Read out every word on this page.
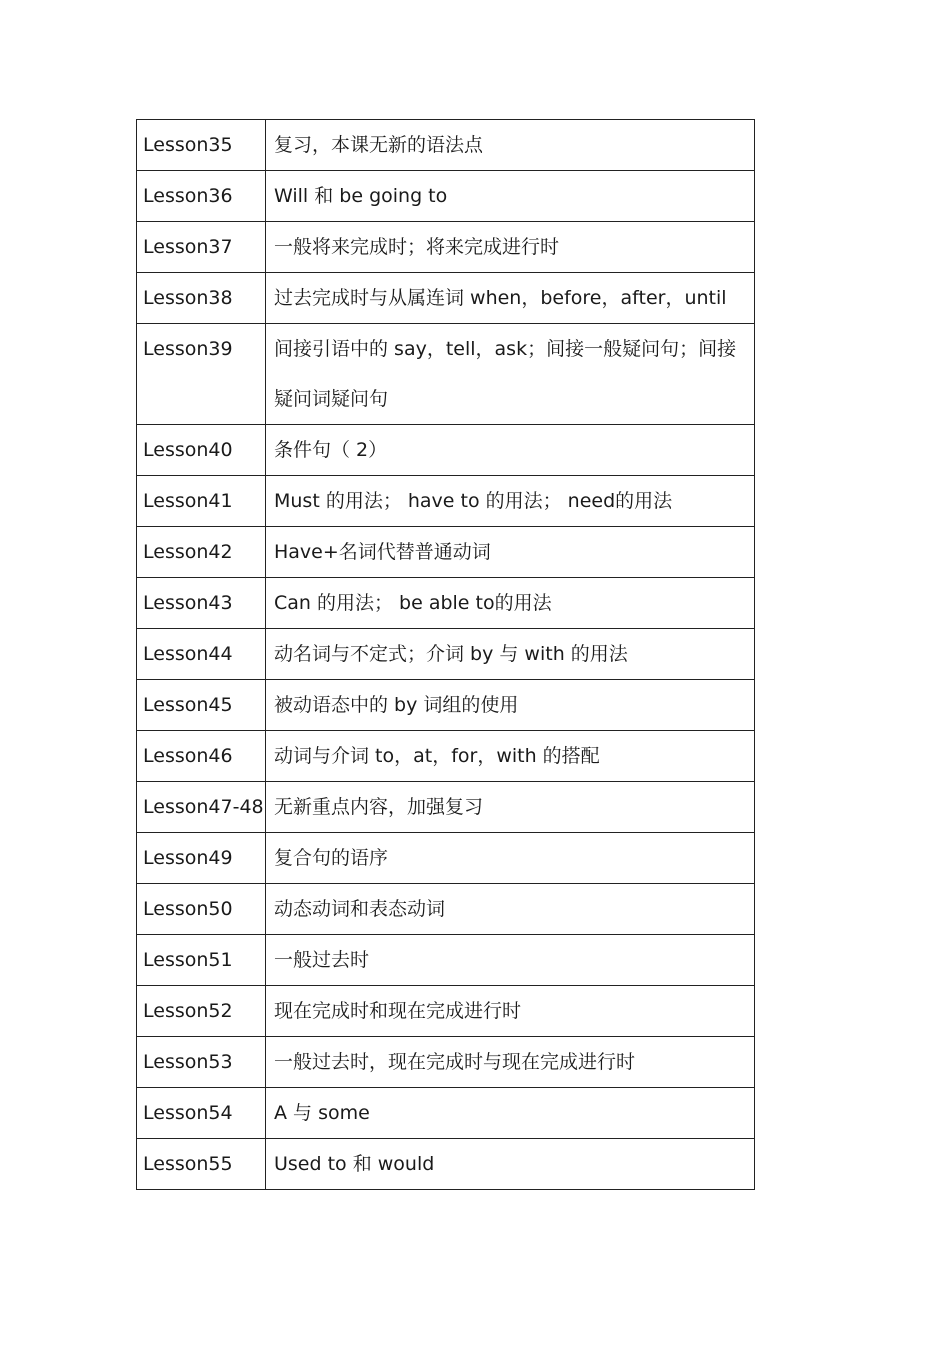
Lesson35	复习，本课无新的语法点

Lesson36	Will 和 be going to

Lesson37	一般将来完成时；将来完成进行时

Lesson38	过去完成时与从属连词 when，before，after，until

Lesson39	间接引语中的 say，tell，ask；间接一般疑问句；间接疑问词疑问句

Lesson40	条件句（ 2）

Lesson41	Must 的用法； have to 的用法； need的用法

Lesson42	Have+名词代替普通动词

Lesson43	Can 的用法； be able to的用法

Lesson44	动名词与不定式；介词 by 与 with 的用法

Lesson45	被动语态中的 by 词组的使用

Lesson46	动词与介词 to，at，for，with 的搭配

Lesson47-48	无新重点内容，加强复习

Lesson49	复合句的语序

Lesson50	动态动词和表态动词

Lesson51	一般过去时

Lesson52	现在完成时和现在完成进行时

Lesson53	一般过去时，现在完成时与现在完成进行时

Lesson54	A 与 some

Lesson55	Used to 和 would
